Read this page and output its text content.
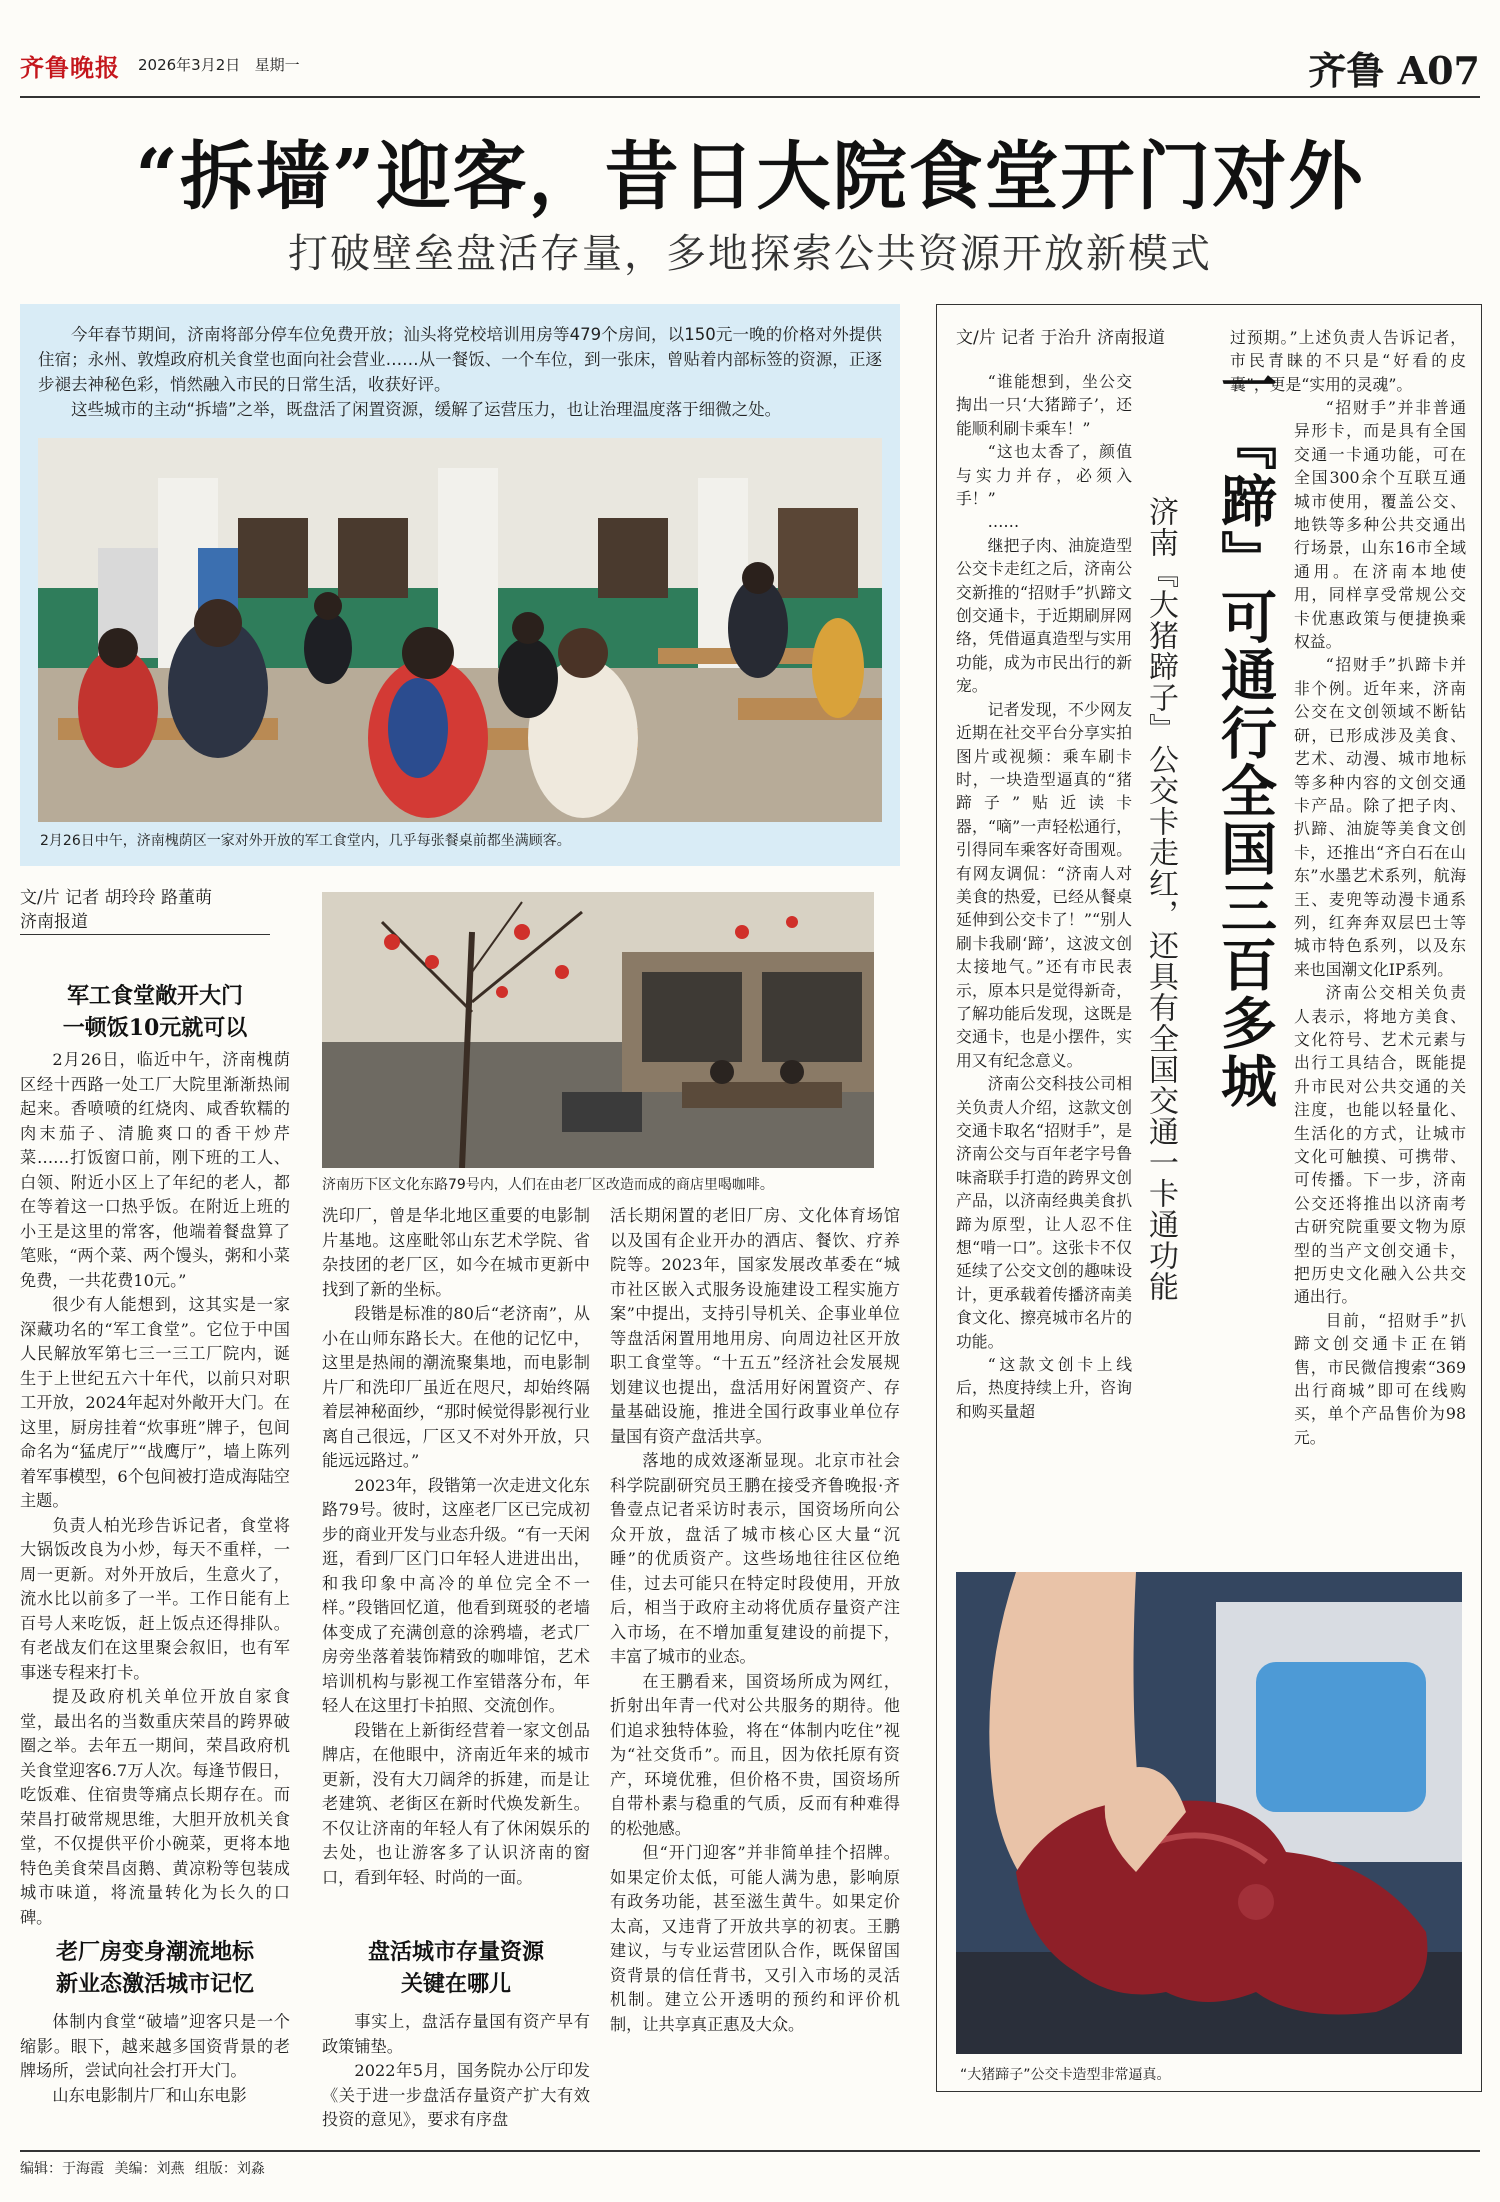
齐鲁晚报 2026年3月2日 星期一	齐鲁 A07
“拆墙”迎客，昔日大院食堂开门对外
打破壁垒盘活存量，多地探索公共资源开放新模式

今年春节期间，济南将部分停车位免费开放；汕头将党校培训用房等479个房间，以150元一晚的价格对外提供住宿；永州、敦煌政府机关食堂也面向社会营业……从一餐饭、一个车位，到一张床，曾贴着内部标签的资源，正逐步褪去神秘色彩，悄然融入市民的日常生活，收获好评。

这些城市的主动“拆墙”之举，既盘活了闲置资源，缓解了运营压力，也让治理温度落于细微之处。

2月26日中午，济南槐荫区一家对外开放的军工食堂内，几乎每张餐桌前都坐满顾客。
文/片 记者 胡玲玲 路董萌
济南报道
军工食堂敞开大门
一顿饭10元就可以

2月26日，临近中午，济南槐荫区经十西路一处工厂大院里渐渐热闹起来。香喷喷的红烧肉、咸香软糯的肉末茄子、清脆爽口的香干炒芹菜……打饭窗口前，刚下班的工人、白领、附近小区上了年纪的老人，都在等着这一口热乎饭。在附近上班的小王是这里的常客，他端着餐盘算了笔账，“两个菜、两个馒头，粥和小菜免费，一共花费10元。”

很少有人能想到，这其实是一家深藏功名的“军工食堂”。它位于中国人民解放军第七三一三工厂院内，诞生于上世纪五六十年代，以前只对职工开放，2024年起对外敞开大门。在这里，厨房挂着“炊事班”牌子，包间命名为“猛虎厅”“战鹰厅”，墙上陈列着军事模型，6个包间被打造成海陆空主题。

负责人柏光珍告诉记者，食堂将大锅饭改良为小炒，每天不重样，一周一更新。对外开放后，生意火了，流水比以前多了一半。工作日能有上百号人来吃饭，赶上饭点还得排队。有老战友们在这里聚会叙旧，也有军事迷专程来打卡。

提及政府机关单位开放自家食堂，最出名的当数重庆荣昌的跨界破圈之举。去年五一期间，荣昌政府机关食堂迎客6.7万人次。每逢节假日，吃饭难、住宿贵等痛点长期存在。而荣昌打破常规思维，大胆开放机关食堂，不仅提供平价小碗菜，更将本地特色美食荣昌卤鹅、黄凉粉等包装成城市味道，将流量转化为长久的口碑。

老厂房变身潮流地标
新业态激活城市记忆

体制内食堂“破墙”迎客只是一个缩影。眼下，越来越多国资背景的老牌场所，尝试向社会打开大门。

山东电影制片厂和山东电影

济南历下区文化东路79号内，人们在由老厂区改造而成的商店里喝咖啡。

洗印厂，曾是华北地区重要的电影制片基地。这座毗邻山东艺术学院、省杂技团的老厂区，如今在城市更新中找到了新的坐标。

段锴是标准的80后“老济南”，从小在山师东路长大。在他的记忆中，这里是热闹的潮流聚集地，而电影制片厂和洗印厂虽近在咫尺，却始终隔着层神秘面纱，“那时候觉得影视行业离自己很远，厂区又不对外开放，只能远远路过。”

2023年，段锴第一次走进文化东路79号。彼时，这座老厂区已完成初步的商业开发与业态升级。“有一天闲逛，看到厂区门口年轻人进进出出，和我印象中高冷的单位完全不一样。”段锴回忆道，他看到斑驳的老墙体变成了充满创意的涂鸦墙，老式厂房旁坐落着装饰精致的咖啡馆，艺术培训机构与影视工作室错落分布，年轻人在这里打卡拍照、交流创作。

段锴在上新街经营着一家文创品牌店，在他眼中，济南近年来的城市更新，没有大刀阔斧的拆建，而是让老建筑、老街区在新时代焕发新生。不仅让济南的年轻人有了休闲娱乐的去处，也让游客多了认识济南的窗口，看到年轻、时尚的一面。

盘活城市存量资源
关键在哪儿

事实上，盘活存量国有资产早有政策铺垫。

2022年5月，国务院办公厅印发《关于进一步盘活存量资产扩大有效投资的意见》，要求有序盘

活长期闲置的老旧厂房、文化体育场馆以及国有企业开办的酒店、餐饮、疗养院等。2023年，国家发展改革委在“城市社区嵌入式服务设施建设工程实施方案”中提出，支持引导机关、企事业单位等盘活闲置用地用房、向周边社区开放职工食堂等。“十五五”经济社会发展规划建议也提出，盘活用好闲置资产、存量基础设施，推进全国行政事业单位存量国有资产盘活共享。

落地的成效逐渐显现。北京市社会科学院副研究员王鹏在接受齐鲁晚报·齐鲁壹点记者采访时表示，国资场所向公众开放，盘活了城市核心区大量“沉睡”的优质资产。这些场地往往区位绝佳，过去可能只在特定时段使用，开放后，相当于政府主动将优质存量资产注入市场，在不增加重复建设的前提下，丰富了城市的业态。

在王鹏看来，国资场所成为网红，折射出年青一代对公共服务的期待。他们追求独特体验，将在“体制内吃住”视为“社交货币”。而且，因为依托原有资产，环境优雅，但价格不贵，国资场所自带朴素与稳重的气质，反而有种难得的松弛感。

但“开门迎客”并非简单挂个招牌。如果定价太低，可能人满为患，影响原有政务功能，甚至滋生黄牛。如果定价太高，又违背了开放共享的初衷。王鹏建议，与专业运营团队合作，既保留国资背景的信任背书，又引入市场的灵活机制。建立公开透明的预约和评价机制，让共享真正惠及大众。

文/片 记者 于治升 济南报道
一『蹄』可通行全国三百多城
济南『大猪蹄子』公交卡走红，还具有全国交通一卡通功能

“谁能想到，坐公交掏出一只‘大猪蹄子’，还能顺利刷卡乘车！”

“这也太香了，颜值与实力并存，必须入手！”

……

继把子肉、油旋造型公交卡走红之后，济南公交新推的“招财手”扒蹄文创交通卡，于近期刷屏网络，凭借逼真造型与实用功能，成为市民出行的新宠。

记者发现，不少网友近期在社交平台分享实拍图片或视频：乘车刷卡时，一块造型逼真的“猪蹄子”贴近读卡器，“嘀”一声轻松通行，引得同车乘客好奇围观。有网友调侃：“济南人对美食的热爱，已经从餐桌延伸到公交卡了！”“别人刷卡我刷‘蹄’，这波文创太接地气。”还有市民表示，原本只是觉得新奇，了解功能后发现，这既是交通卡，也是小摆件，实用又有纪念意义。

济南公交科技公司相关负责人介绍，这款文创交通卡取名“招财手”，是济南公交与百年老字号鲁味斋联手打造的跨界文创产品，以济南经典美食扒蹄为原型，让人忍不住想“啃一口”。这张卡不仅延续了公交文创的趣味设计，更承载着传播济南美食文化、擦亮城市名片的功能。

“这款文创卡上线后，热度持续上升，咨询和购买量超

过预期。”上述负责人告诉记者，市民青睐的不只是“好看的皮囊”，更是“实用的灵魂”。

“招财手”并非普通异形卡，而是具有全国交通一卡通功能，可在全国300余个互联互通城市使用，覆盖公交、地铁等多种公共交通出行场景，山东16市全域通用。在济南本地使用，同样享受常规公交卡优惠政策与便捷换乘权益。

“招财手”扒蹄卡并非个例。近年来，济南公交在文创领域不断钻研，已形成涉及美食、艺术、动漫、城市地标等多种内容的文创交通卡产品。除了把子肉、扒蹄、油旋等美食文创卡，还推出“齐白石在山东”水墨艺术系列，航海王、麦兜等动漫卡通系列，红奔奔双层巴士等城市特色系列，以及东来也国潮文化IP系列。

济南公交相关负责人表示，将地方美食、文化符号、艺术元素与出行工具结合，既能提升市民对公共交通的关注度，也能以轻量化、生活化的方式，让城市文化可触摸、可携带、可传播。下一步，济南公交还将推出以济南考古研究院重要文物为原型的当产文创交通卡，把历史文化融入公共交通出行。

目前，“招财手”扒蹄文创交通卡正在销售，市民微信搜索“369出行商城”即可在线购买，单个产品售价为98元。

“大猪蹄子”公交卡造型非常逼真。
编辑：于海霞 美编：刘燕 组版：刘淼
